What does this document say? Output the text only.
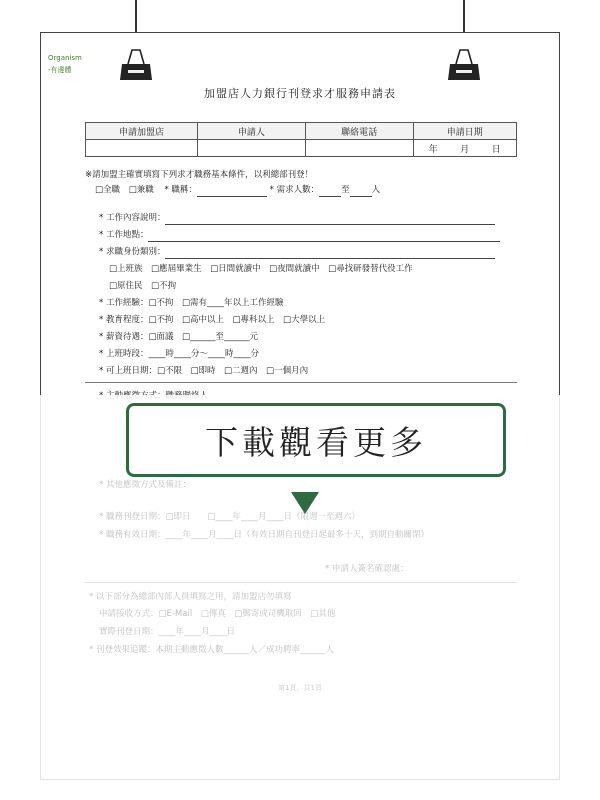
Organism
-有邊體
加盟店人力銀行刊登求才服務申請表
申請加盟店	申請人	聯絡電話	申請日期

			年 月 日
※請加盟主確實填寫下列求才職務基本條件，以利總部刊登！
□全職 □兼職 * 職稱：	* 需求人數：	至	人
* 工作內容說明：
* 工作地點：
* 求職身份類別：
□上班族　□應屆畢業生　□日間就讀中　□夜間就讀中　□尋找研發替代役工作
□原住民　□不拘
* 工作經驗：□不拘　□需有____年以上工作經驗
* 教育程度：□不拘　□高中以上　□專科以上　□大學以上
* 薪資待遇：□面議　□______至______元
* 上班時段：____時____分～____時____分
* 可上班日期：□不限　□即時　□二週內　□一個月內
* 其他應徵方式及備註：
* 職務刊登日期：□即日　　□____年____月____日（限週一至週六）
* 職務有效日期：____年____月____日（有效日期自刊登日起最多十天，到期自動關閉）
* 申請人簽名確認處：
* 以下部分為總部內部人員填寫之用，請加盟店勿填寫
申請接收方式：□E-Mail　□傳真　□郵寄或司機取回　□其他
實際刊登日期：____年____月____日
* 刊登效果追蹤：本期主動應徵人數______人／成功聘率______人
下載觀看更多
第1頁，共1頁
